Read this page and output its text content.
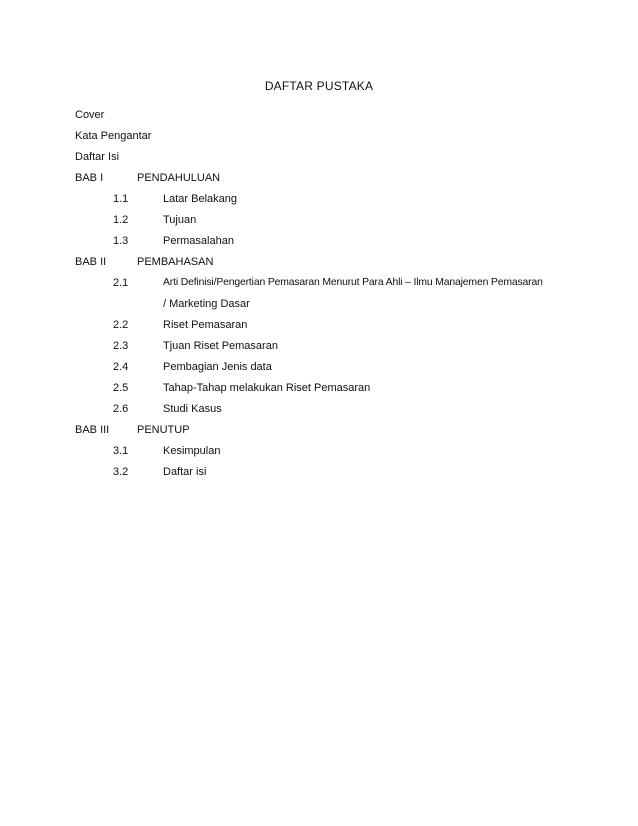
DAFTAR PUSTAKA
Cover
Kata Pengantar
Daftar Isi
BAB I	PENDAHULUAN
1.1	Latar Belakang
1.2	Tujuan
1.3	Permasalahan
BAB II	PEMBAHASAN
2.1	Arti Definisi/Pengertian Pemasaran Menurut Para Ahli – Ilmu Manajemen Pemasaran
/ Marketing Dasar
2.2	Riset Pemasaran
2.3	Tjuan Riset Pemasaran
2.4	Pembagian Jenis data
2.5	Tahap-Tahap melakukan Riset Pemasaran
2.6	Studi Kasus
BAB III	PENUTUP
3.1	Kesimpulan
3.2	Daftar isi
